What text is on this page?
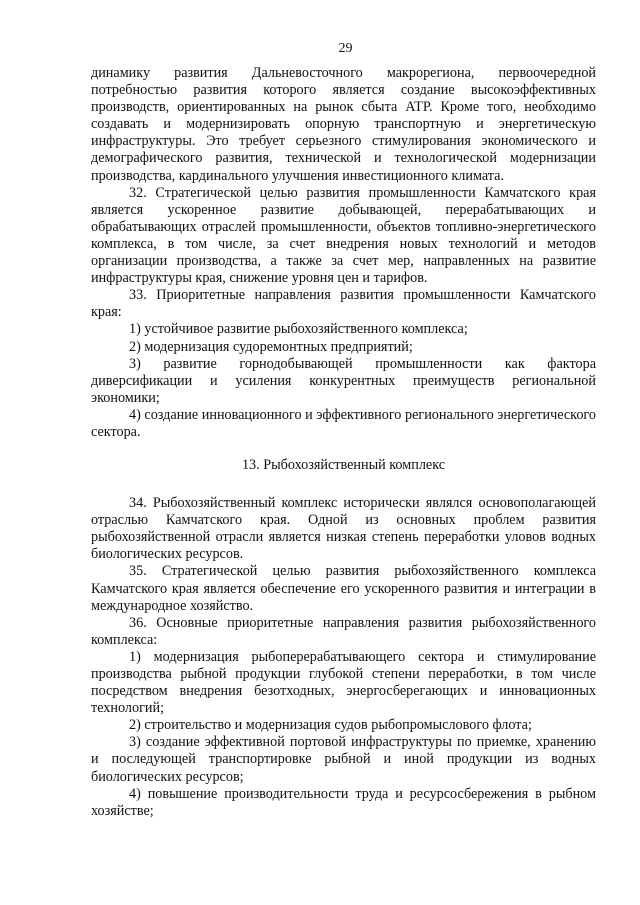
29

динамику развития Дальневосточного макрорегиона, первоочередной потребностью развития которого является создание высокоэффективных производств, ориентированных на рынок сбыта АТР. Кроме того, необходимо создавать и модернизировать опорную транспортную и энергетическую инфраструктуры. Это требует серьезного стимулирования экономического и демографического развития, технической и технологической модернизации производства, кардинального улучшения инвестиционного климата.

32. Стратегической целью развития промышленности Камчатского края является ускоренное развитие добывающей, перерабатывающих и обрабатывающих отраслей промышленности, объектов топливно-энергетического комплекса, в том числе, за счет внедрения новых технологий и методов организации производства, а также за счет мер, направленных на развитие инфраструктуры края, снижение уровня цен и тарифов.

33. Приоритетные направления развития промышленности Камчатского края:

1) устойчивое развитие рыбохозяйственного комплекса;

2) модернизация судоремонтных предприятий;

3) развитие горнодобывающей промышленности как фактора диверсификации и усиления конкурентных преимуществ региональной экономики;

4) создание инновационного и эффективного регионального энергетического сектора.

13. Рыбохозяйственный комплекс

34. Рыбохозяйственный комплекс исторически являлся основополагающей отраслью Камчатского края. Одной из основных проблем развития рыбохозяйственной отрасли является низкая степень переработки уловов водных биологических ресурсов.

35. Стратегической целью развития рыбохозяйственного комплекса Камчатского края является обеспечение его ускоренного развития и интеграции в международное хозяйство.

36. Основные приоритетные направления развития рыбохозяйственного комплекса:

1) модернизация рыбоперерабатывающего сектора и стимулирование производства рыбной продукции глубокой степени переработки, в том числе посредством внедрения безотходных, энергосберегающих и инновационных технологий;

2) строительство и модернизация судов рыбопромыслового флота;

3) создание эффективной портовой инфраструктуры по приемке, хранению и последующей транспортировке рыбной и иной продукции из водных биологических ресурсов;

4) повышение производительности труда и ресурсосбережения в рыбном хозяйстве;
